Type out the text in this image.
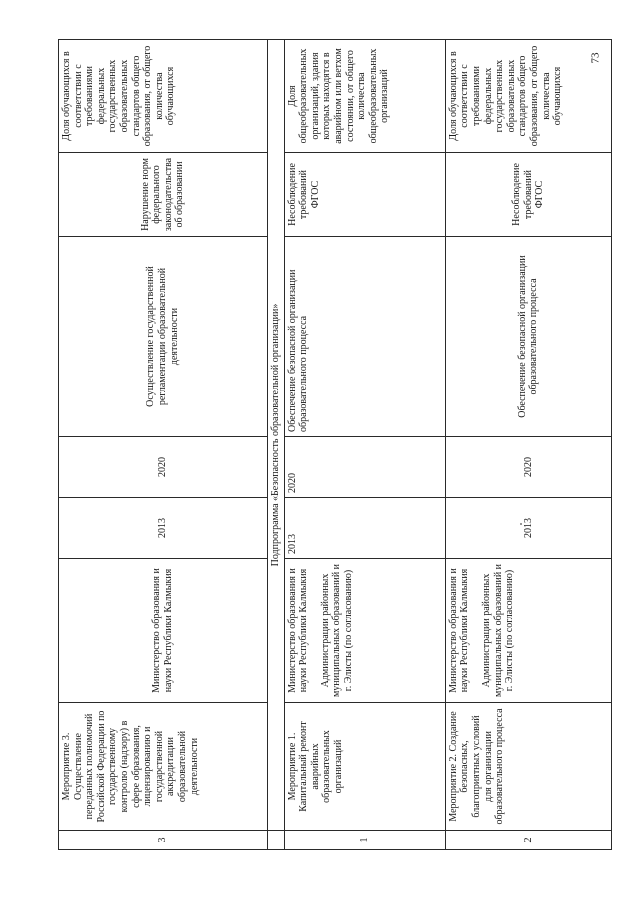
3	Мероприятие 3. Осуществление переданных полномочий Российской Федерации по государственному контролю (надзору) в сфере образования, лицензированию и государственной аккредитации образовательной деятельности	Министерство образования и науки Республики Калмыкия	2013	2020	Осуществление государственной регламентации образовательной деятельности	Нарушение норм федерального законодательства об образовании	Доля обучающихся в соответствии с требованиями федеральных государственных образовательных стандартов общего образования, от общего количества обучающихся
	Подпрограмма «Безопасность образовательной организации»						
1	Мероприятие 1. Капитальный ремонт аварийных образовательных организаций	Министерство образования и науки Республики Калмыкия Администрации районных муниципальных образований и г. Элисты (по согласованию)	2013	2020	Обеспечение безопасной организации образовательного процесса	Несоблюдение требований ФГОС	Доля общеобразовательных организаций, здания которых находятся в аварийном или ветхом состоянии, от общего количества общеобразовательных организаций
2	Мероприятие 2. Создание безопасных, благоприятных условий для организации образовательного процесса	Министерство образования и науки Республики Калмыкия Администрации районных муниципальных образований и г. Элисты (по согласованию)	2013	2020	Обеспечение безопасной организации образовательного процесса	Несоблюдение требований ФГОС	Доля обучающихся в соответствии с требованиями федеральных государственных образовательных стандартов общего образования, от общего количества обучающихся
73
